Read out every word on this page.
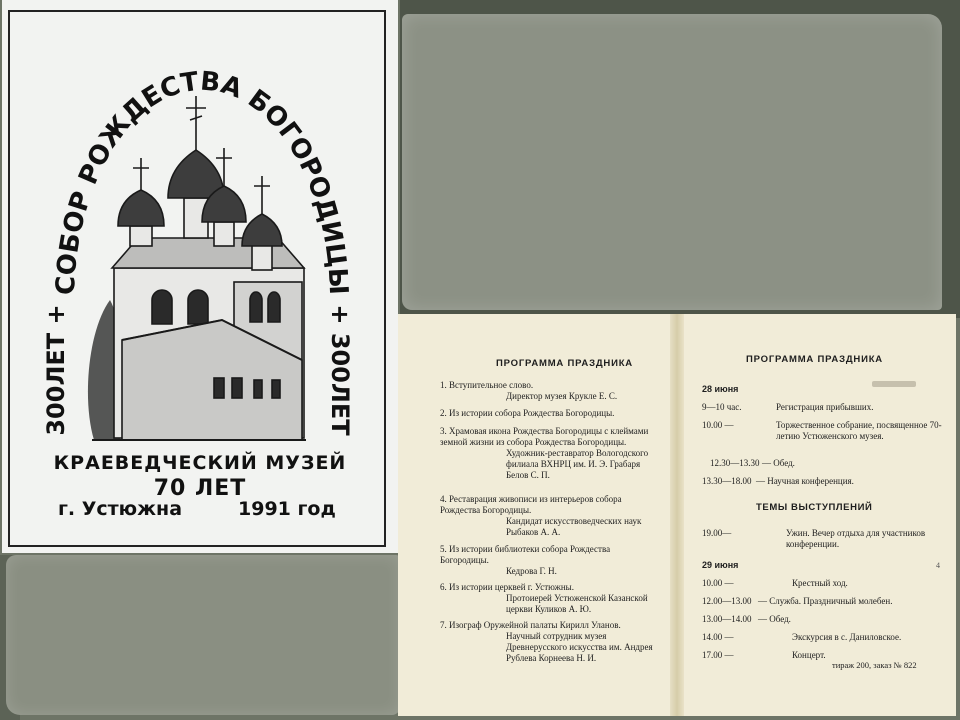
СОБОР РОЖДЕСТВА БОГОРОДИЦЫ
300ЛЕТ +	+ 300ЛЕТ
КРАЕВЕДЧЕСКИЙ МУЗЕЙ
70 ЛЕТ
г. Устюжна	1991 год
ПРОГРАММА ПРАЗДНИКА
1. Вступительное слово.
Директор музея Крукле Е. С.
2. Из истории собора Рождества Богородицы.
3. Храмовая икона Рождества Богородицы с клеймами земной жизни из собора Рождества Богородицы.
Художник-реставратор Вологодского филиала ВХНРЦ им. И. Э. Грабаря Белов С. П.
4. Реставрация живописи из интерьеров собора Рождества Богородицы.
Кандидат искусствоведческих наук Рыбаков А. А.
5. Из истории библиотеки собора Рождества Богородицы.
Кедрова Г. Н.
6. Из истории церквей г. Устюжны.
Протоиерей Устюженской Казанской церкви Куликов А. Ю.
7. Изограф Оружейной палаты Кирилл Уланов.
Научный сотрудник музея Древнерусского искусства им. Андрея Рублева Корнеева Н. И.
ПРОГРАММА ПРАЗДНИКА
28 июня
9—10 час.	Регистрация прибывших.
10.00 —	Торжественное собрание, посвященное 70-летию Устюженского музея.
12.30—13.30 — Обед.
13.30—18.00 — Научная конференция.
ТЕМЫ ВЫСТУПЛЕНИЙ
19.00—	Ужин. Вечер отдыха для участников конференции.
29 июня	4
10.00 —	Крестный ход.
12.00—13.00 — Служба. Праздничный молебен.
13.00—14.00 — Обед.
14.00 —	Экскурсия в с. Даниловское.
17.00 —	Концерт.
тираж 200, заказ № 822
